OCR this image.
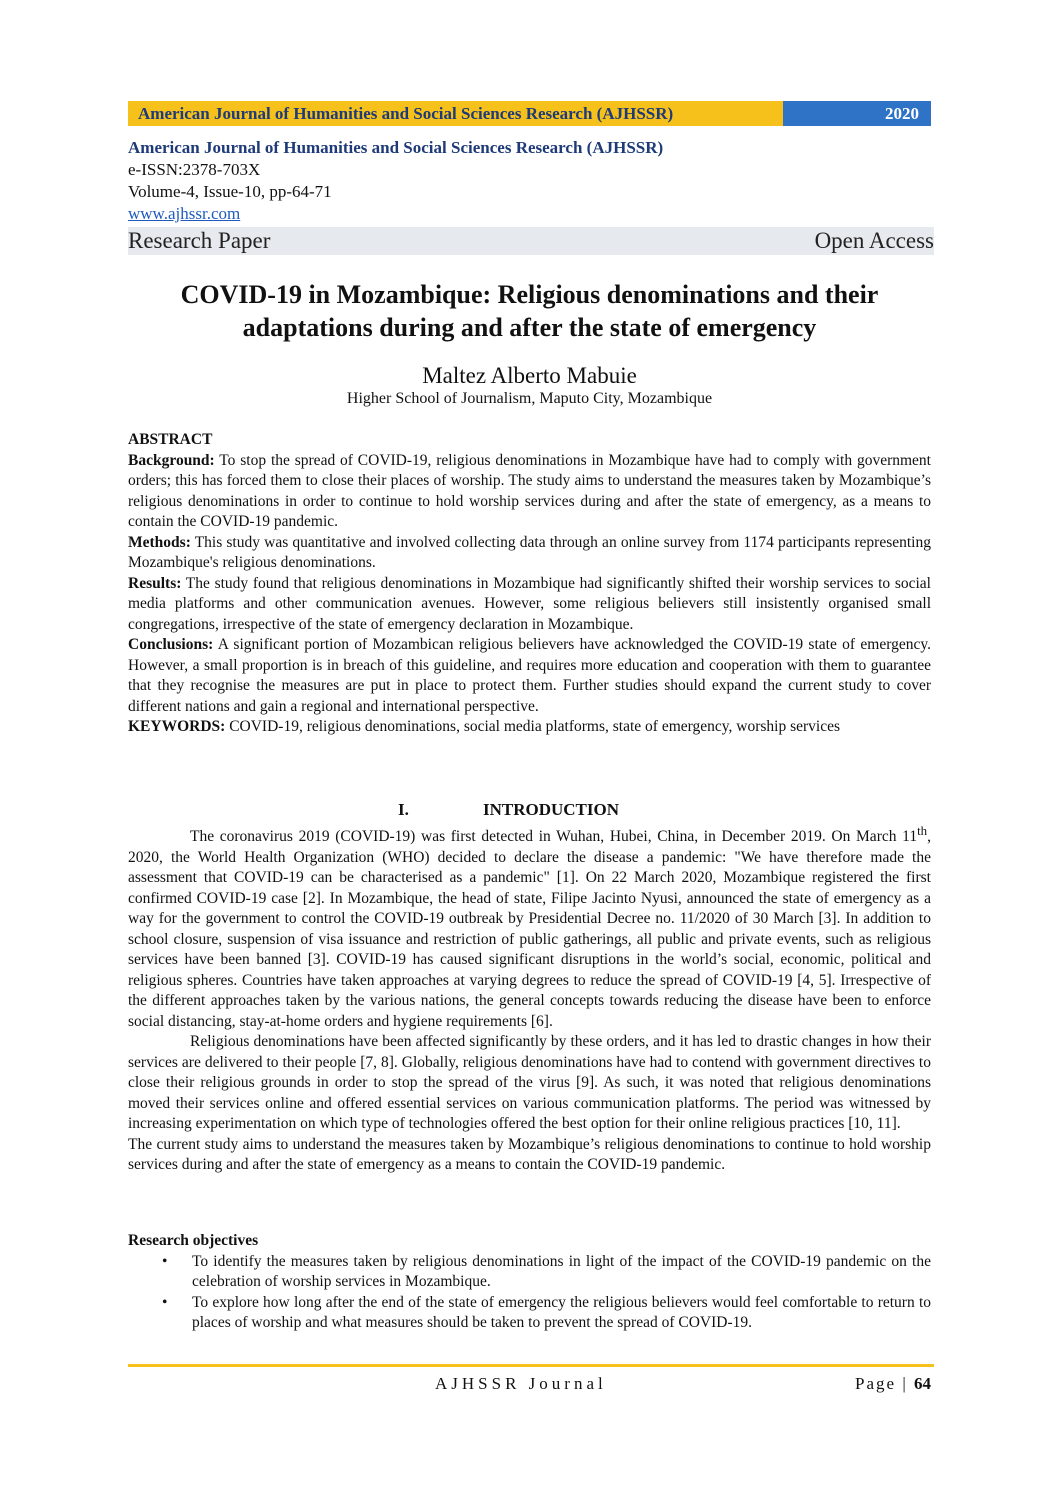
American Journal of Humanities and Social Sciences Research (AJHSSR)	2020
American Journal of Humanities and Social Sciences Research (AJHSSR)
e-ISSN:2378-703X
Volume-4, Issue-10, pp-64-71
www.ajhssr.com
Research Paper	Open Access
COVID-19 in Mozambique: Religious denominations and their
adaptations during and after the state of emergency
Maltez Alberto Mabuie
Higher School of Journalism, Maputo City, Mozambique

ABSTRACT

Background: To stop the spread of COVID-19, religious denominations in Mozambique have had to comply with government orders; this has forced them to close their places of worship. The study aims to understand the measures taken by Mozambique’s religious denominations in order to continue to hold worship services during and after the state of emergency, as a means to contain the COVID-19 pandemic.

Methods: This study was quantitative and involved collecting data through an online survey from 1174 participants representing Mozambique's religious denominations.

Results: The study found that religious denominations in Mozambique had significantly shifted their worship services to social media platforms and other communication avenues. However, some religious believers still insistently organised small congregations, irrespective of the state of emergency declaration in Mozambique.

Conclusions: A significant portion of Mozambican religious believers have acknowledged the COVID-19 state of emergency. However, a small proportion is in breach of this guideline, and requires more education and cooperation with them to guarantee that they recognise the measures are put in place to protect them. Further studies should expand the current study to cover different nations and gain a regional and international perspective.

KEYWORDS: COVID-19, religious denominations, social media platforms, state of emergency, worship services

I.	INTRODUCTION

The coronavirus 2019 (COVID-19) was first detected in Wuhan, Hubei, China, in December 2019. On March 11th, 2020, the World Health Organization (WHO) decided to declare the disease a pandemic: "We have therefore made the assessment that COVID-19 can be characterised as a pandemic" [1]. On 22 March 2020, Mozambique registered the first confirmed COVID-19 case [2]. In Mozambique, the head of state, Filipe Jacinto Nyusi, announced the state of emergency as a way for the government to control the COVID-19 outbreak by Presidential Decree no. 11/2020 of 30 March [3]. In addition to school closure, suspension of visa issuance and restriction of public gatherings, all public and private events, such as religious services have been banned [3]. COVID-19 has caused significant disruptions in the world’s social, economic, political and religious spheres. Countries have taken approaches at varying degrees to reduce the spread of COVID-19 [4, 5]. Irrespective of the different approaches taken by the various nations, the general concepts towards reducing the disease have been to enforce social distancing, stay-at-home orders and hygiene requirements [6].

Religious denominations have been affected significantly by these orders, and it has led to drastic changes in how their services are delivered to their people [7, 8]. Globally, religious denominations have had to contend with government directives to close their religious grounds in order to stop the spread of the virus [9]. As such, it was noted that religious denominations moved their services online and offered essential services on various communication platforms. The period was witnessed by increasing experimentation on which type of technologies offered the best option for their online religious practices [10, 11].

The current study aims to understand the measures taken by Mozambique’s religious denominations to continue to hold worship services during and after the state of emergency as a means to contain the COVID-19 pandemic.

Research objectives
• To identify the measures taken by religious denominations in light of the impact of the COVID-19 pandemic on the celebration of worship services in Mozambique.
• To explore how long after the end of the state of emergency the religious believers would feel comfortable to return to places of worship and what measures should be taken to prevent the spread of COVID-19.
AJHSSR Journal	Page | 64
